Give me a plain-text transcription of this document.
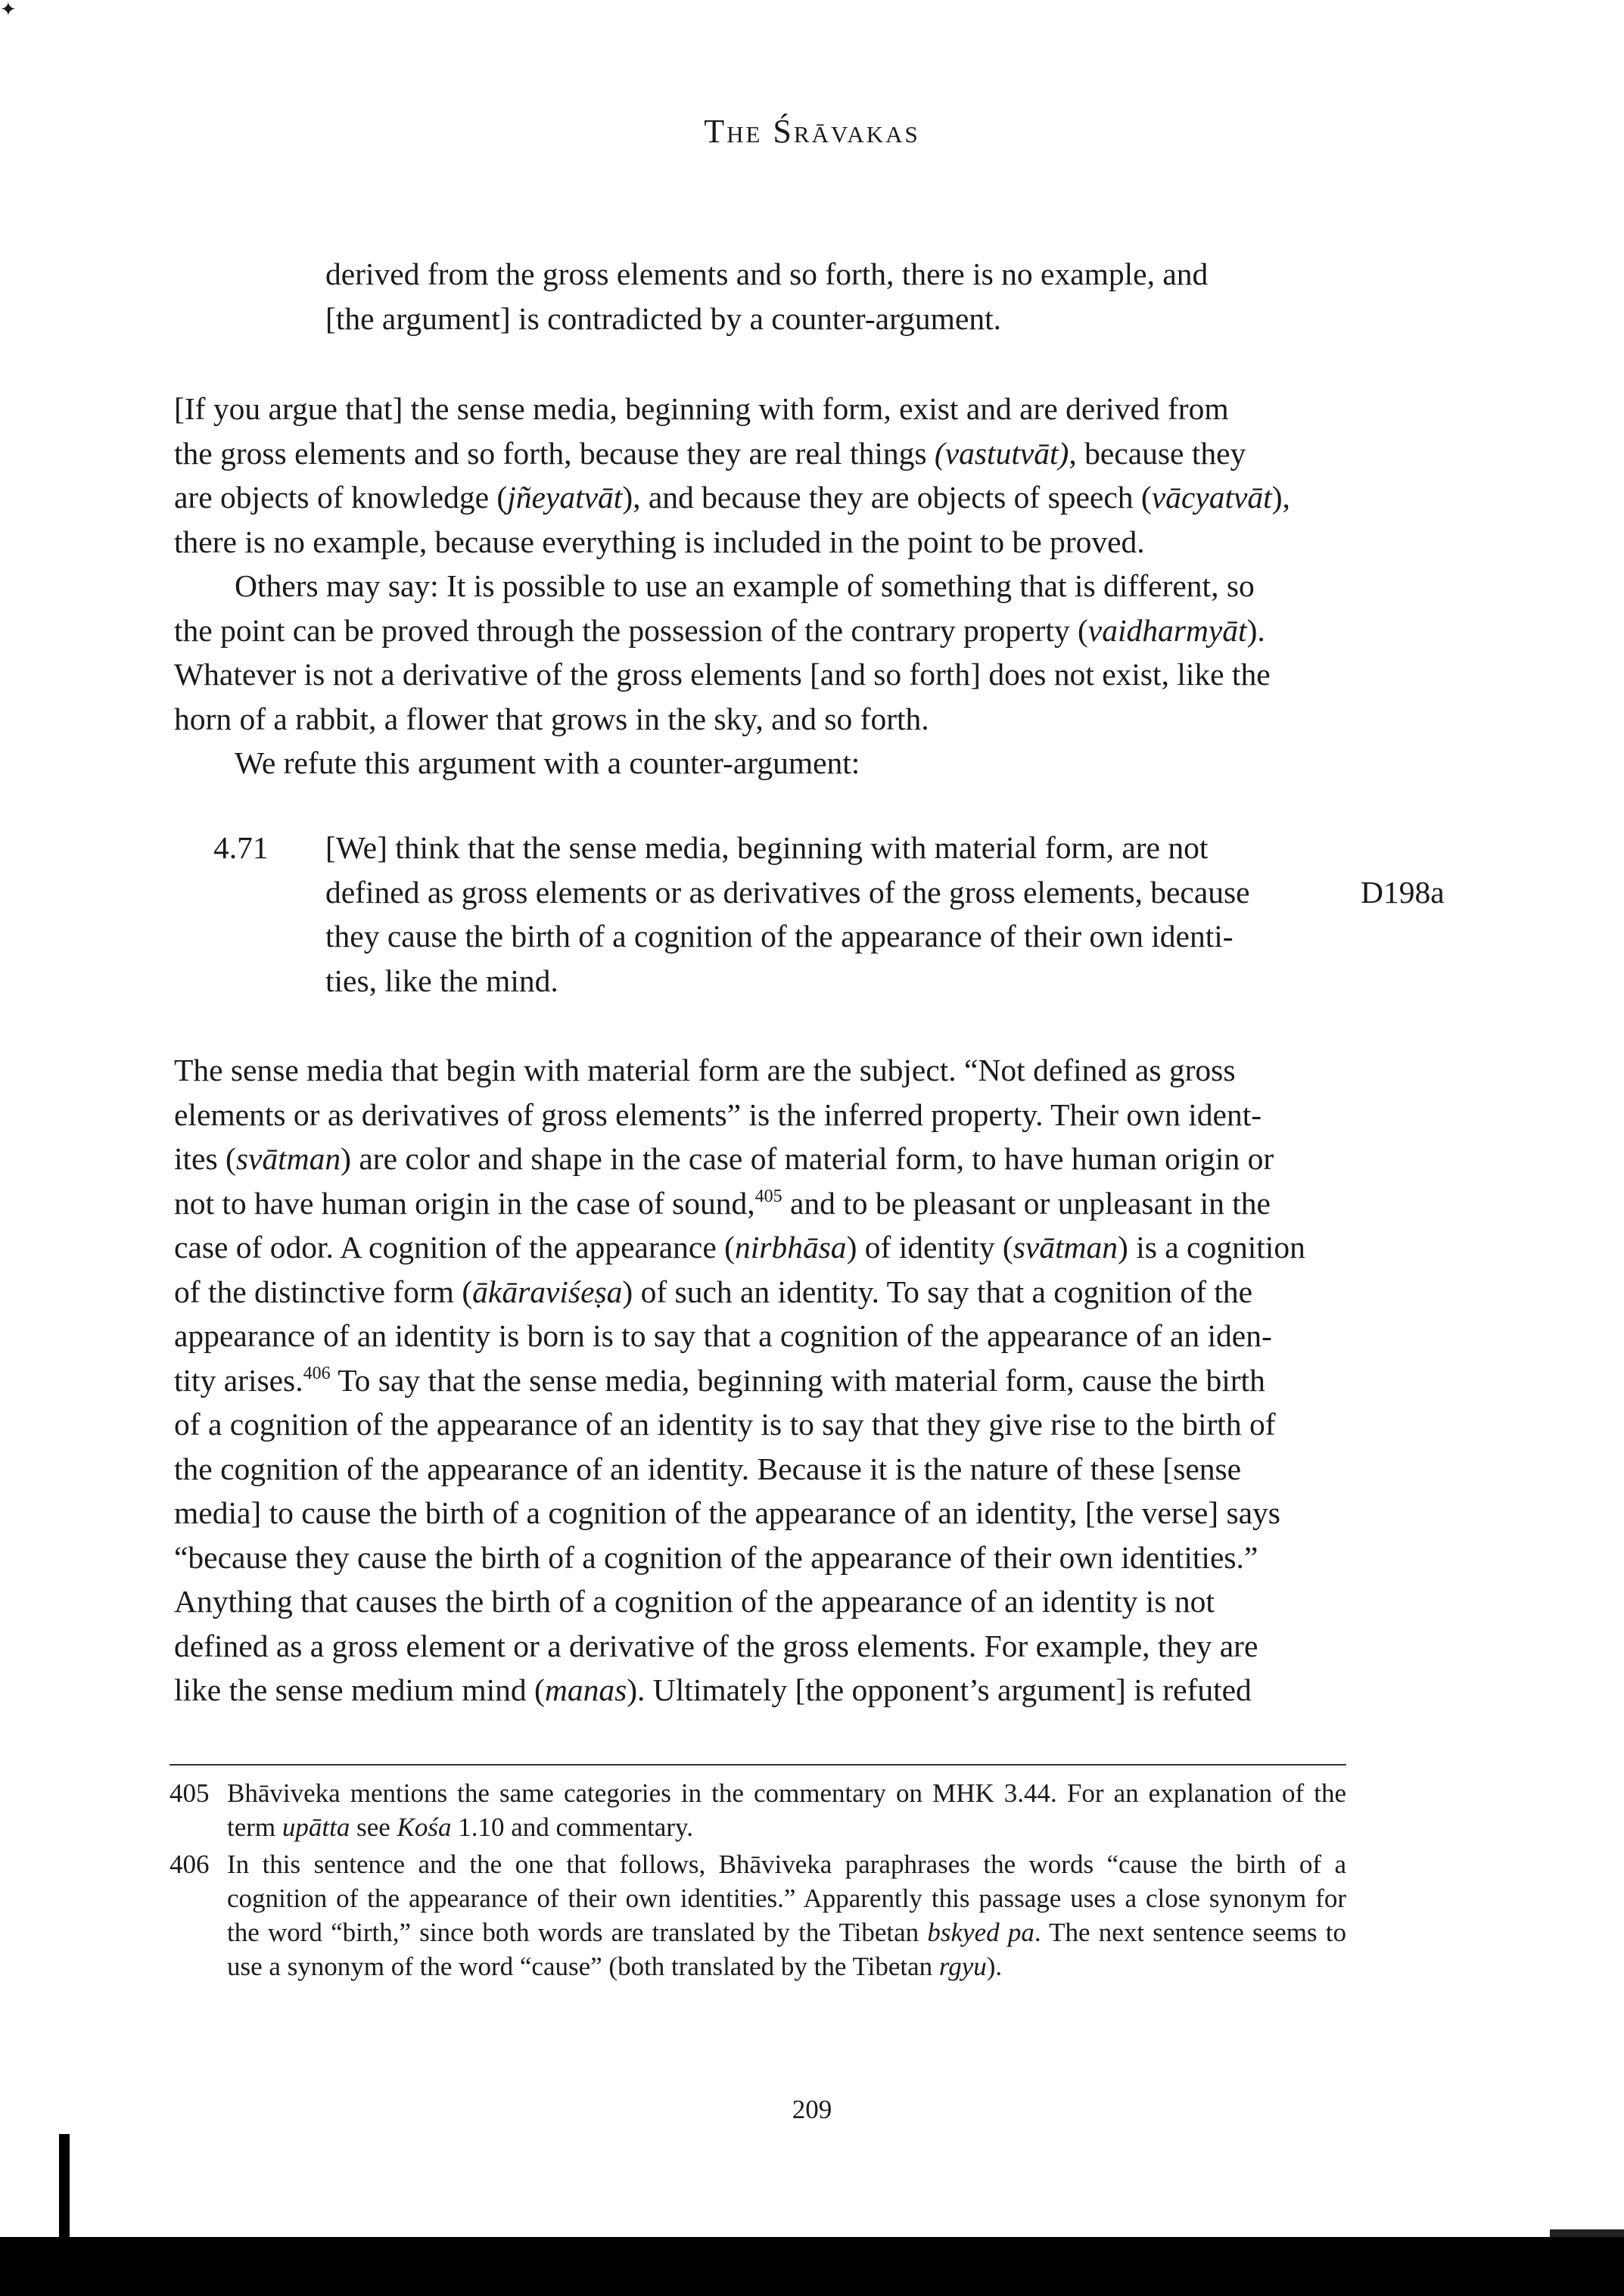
✦
The Śrāvakas
derived from the gross elements and so forth, there is no example, and
[the argument] is contradicted by a counter-argument.
[If you argue that] the sense media, beginning with form, exist and are derived from
the gross elements and so forth, because they are real things (vastutvāt), because they
are objects of knowledge (jñeyatvāt), and because they are objects of speech (vācyatvāt),
there is no example, because everything is included in the point to be proved.
Others may say: It is possible to use an example of something that is different, so
the point can be proved through the possession of the contrary property (vaidharmyāt).
Whatever is not a derivative of the gross elements [and so forth] does not exist, like the
horn of a rabbit, a flower that grows in the sky, and so forth.
We refute this argument with a counter-argument:
4.71 [We] think that the sense media, beginning with material form, are not
defined as gross elements or as derivatives of the gross elements, because
they cause the birth of a cognition of the appearance of their own identi-
ties, like the mind.
D198a
The sense media that begin with material form are the subject. “Not defined as gross
elements or as derivatives of gross elements” is the inferred property. Their own ident-
ites (svātman) are color and shape in the case of material form, to have human origin or
not to have human origin in the case of sound,$^{405}$ and to be pleasant or unpleasant in the
case of odor. A cognition of the appearance (nirbhāsa) of identity (svātman) is a cognition
of the distinctive form (ākāraviśeṣa) of such an identity. To say that a cognition of the
appearance of an identity is born is to say that a cognition of the appearance of an iden-
tity arises.$^{406}$ To say that the sense media, beginning with material form, cause the birth
of a cognition of the appearance of an identity is to say that they give rise to the birth of
the cognition of the appearance of an identity. Because it is the nature of these [sense
media] to cause the birth of a cognition of the appearance of an identity, [the verse] says
“because they cause the birth of a cognition of the appearance of their own identities.”
Anything that causes the birth of a cognition of the appearance of an identity is not
defined as a gross element or a derivative of the gross elements. For example, they are
like the sense medium mind (manas). Ultimately [the opponent’s argument] is refuted
405 Bhāviveka mentions the same categories in the commentary on MHK 3.44. For an explanation of the term upātta see Kośa 1.10 and commentary.
406 In this sentence and the one that follows, Bhāviveka paraphrases the words “cause the birth of a cognition of the appearance of their own identities.” Apparently this passage uses a close synonym for the word “birth,” since both words are translated by the Tibetan bskyed pa. The next sentence seems to use a synonym of the word “cause” (both translated by the Tibetan rgyu).
209
